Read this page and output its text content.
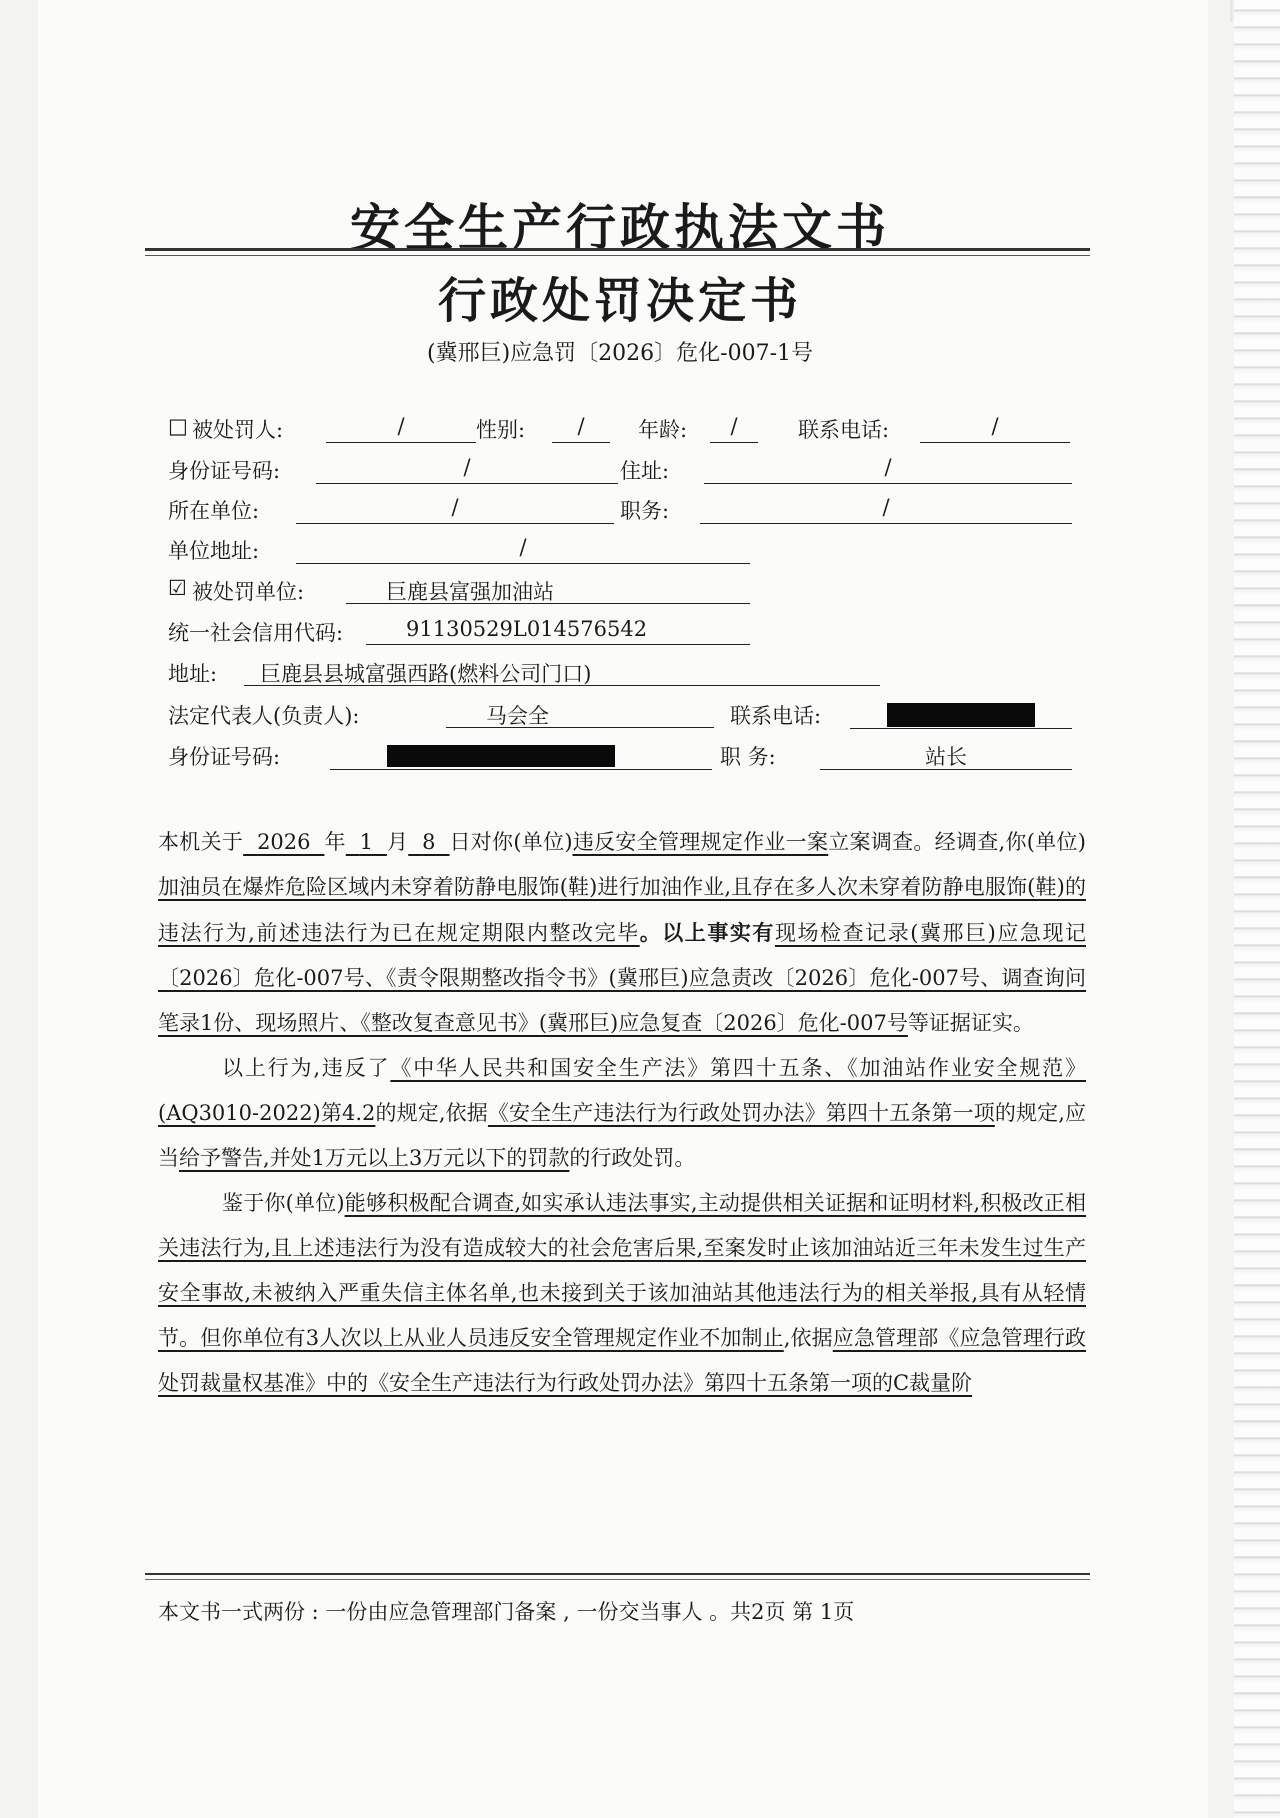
安全生产行政执法文书
行政处罚决定书
(冀邢巨)应急罚〔2026〕危化-007-1号
□ 被处罚人:	/	性别:	/	年龄:	/	联系电话:	/
身份证号码:	/	住址:	/
所在单位:	/	职务:	/
单位地址:	/
☑ 被处罚单位:	巨鹿县富强加油站
统一社会信用代码:	91130529L014576542
地址:	巨鹿县县城富强西路(燃料公司门口)
法定代表人(负责人):	马会全	联系电话:
身份证号码:	职 务:	站长

本机关于 2026 年 1 月 8 日对你(单位)违反安全管理规定作业一案立案调查。经调查,你(单位)加油员在爆炸危险区域内未穿着防静电服饰(鞋)进行加油作业,且存在多人次未穿着防静电服饰(鞋)的违法行为,前述违法行为已在规定期限内整改完毕。以上事实有现场检查记录(冀邢巨)应急现记〔2026〕危化-007号、《责令限期整改指令书》(冀邢巨)应急责改〔2026〕危化-007号、调查询问笔录1份、现场照片、《整改复查意见书》(冀邢巨)应急复查〔2026〕危化-007号等证据证实。

以上行为,违反了《中华人民共和国安全生产法》第四十五条、《加油站作业安全规范》(AQ3010-2022)第4.2的规定,依据《安全生产违法行为行政处罚办法》第四十五条第一项的规定,应当给予警告,并处1万元以上3万元以下的罚款的行政处罚。

鉴于你(单位)能够积极配合调查,如实承认违法事实,主动提供相关证据和证明材料,积极改正相关违法行为,且上述违法行为没有造成较大的社会危害后果,至案发时止该加油站近三年未发生过生产安全事故,未被纳入严重失信主体名单,也未接到关于该加油站其他违法行为的相关举报,具有从轻情节。但你单位有3人次以上从业人员违反安全管理规定作业不加制止,依据应急管理部《应急管理行政处罚裁量权基准》中的《安全生产违法行为行政处罚办法》第四十五条第一项的C裁量阶

本文书一式两份 : 一份由应急管理部门备案 , 一份交当事人 。共2页 第 1页
